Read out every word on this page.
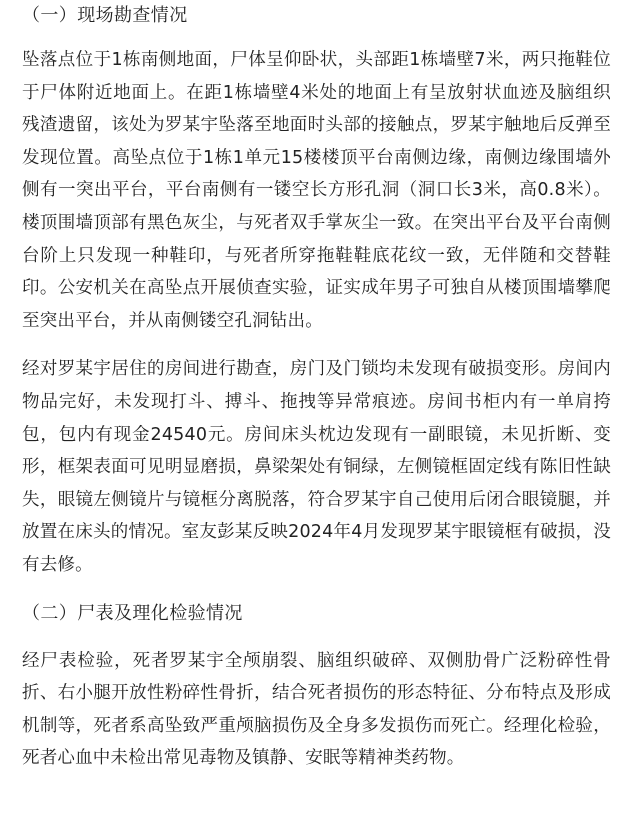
（一）现场勘查情况

坠落点位于1栋南侧地面，尸体呈仰卧状，头部距1栋墙壁7米，两只拖鞋位于尸体附近地面上。在距1栋墙壁4米处的地面上有呈放射状血迹及脑组织残渣遗留，该处为罗某宇坠落至地面时头部的接触点，罗某宇触地后反弹至发现位置。高坠点位于1栋1单元15楼楼顶平台南侧边缘，南侧边缘围墙外侧有一突出平台，平台南侧有一镂空长方形孔洞（洞口长3米，高0.8米）。楼顶围墙顶部有黑色灰尘，与死者双手掌灰尘一致。在突出平台及平台南侧台阶上只发现一种鞋印，与死者所穿拖鞋鞋底花纹一致，无伴随和交替鞋印。公安机关在高坠点开展侦查实验，证实成年男子可独自从楼顶围墙攀爬至突出平台，并从南侧镂空孔洞钻出。

经对罗某宇居住的房间进行勘查，房门及门锁均未发现有破损变形。房间内物品完好，未发现打斗、搏斗、拖拽等异常痕迹。房间书柜内有一单肩挎包，包内有现金24540元。房间床头枕边发现有一副眼镜，未见折断、变形，框架表面可见明显磨损，鼻梁架处有铜绿，左侧镜框固定线有陈旧性缺失，眼镜左侧镜片与镜框分离脱落，符合罗某宇自己使用后闭合眼镜腿，并放置在床头的情况。室友彭某反映2024年4月发现罗某宇眼镜框有破损，没有去修。

（二）尸表及理化检验情况

经尸表检验，死者罗某宇全颅崩裂、脑组织破碎、双侧肋骨广泛粉碎性骨折、右小腿开放性粉碎性骨折，结合死者损伤的形态特征、分布特点及形成机制等，死者系高坠致严重颅脑损伤及全身多发损伤而死亡。经理化检验，死者心血中未检出常见毒物及镇静、安眠等精神类药物。
